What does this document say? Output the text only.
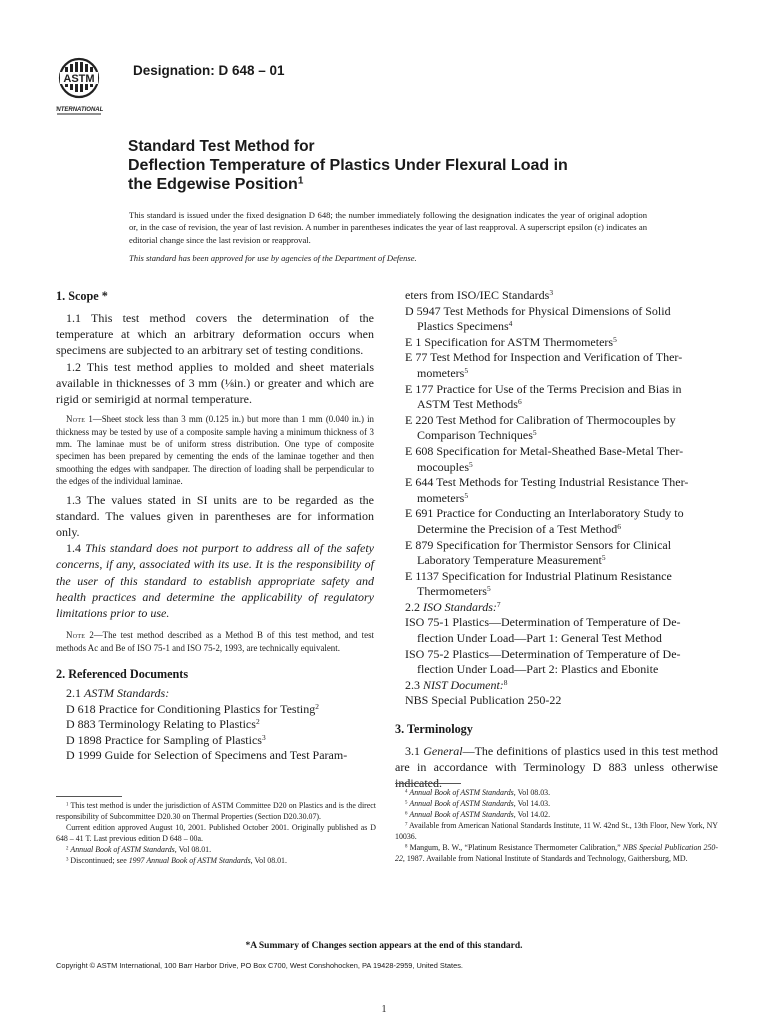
ASTM
INTERNATIONAL
Designation: D 648 – 01
Standard Test Method for
Deflection Temperature of Plastics Under Flexural Load in
the Edgewise Position$^1$
This standard is issued under the fixed designation D 648; the number immediately following the designation indicates the year of original adoption or, in the case of revision, the year of last revision. A number in parentheses indicates the year of last reapproval. A superscript epsilon (ε) indicates an editorial change since the last revision or reapproval.
This standard has been approved for use by agencies of the Department of Defense.

1. Scope *

1.1 This test method covers the determination of the temperature at which an arbitrary deformation occurs when specimens are subjected to an arbitrary set of testing conditions.

1.2 This test method applies to molded and sheet materials available in thicknesses of 3 mm (⅛in.) or greater and which are rigid or semirigid at normal temperature.

Note 1—Sheet stock less than 3 mm (0.125 in.) but more than 1 mm (0.040 in.) in thickness may be tested by use of a composite sample having a minimum thickness of 3 mm. The laminae must be of uniform stress distribution. One type of composite specimen has been prepared by cementing the ends of the laminae together and then smoothing the edges with sandpaper. The direction of loading shall be perpendicular to the edges of the individual laminae.

1.3 The values stated in SI units are to be regarded as the standard. The values given in parentheses are for information only.

1.4 This standard does not purport to address all of the safety concerns, if any, associated with its use. It is the responsibility of the user of this standard to establish appropriate safety and health practices and determine the applicability of regulatory limitations prior to use.

Note 2—The test method described as a Method B of this test method, and test methods Ac and Be of ISO 75-1 and ISO 75-2, 1993, are technically equivalent.

2. Referenced Documents

2.1 ASTM Standards:

D 618 Practice for Conditioning Plastics for Testing$^2$

D 883 Terminology Relating to Plastics$^2$

D 1898 Practice for Sampling of Plastics$^3$

D 1999 Guide for Selection of Specimens and Test Param-

eters from ISO/IEC Standards$^3$

D 5947 Test Methods for Physical Dimensions of Solid
Plastics Specimens$^4$

E 1 Specification for ASTM Thermometers$^5$

E 77 Test Method for Inspection and Verification of Ther-
mometers$^5$

E 177 Practice for Use of the Terms Precision and Bias in
ASTM Test Methods$^6$

E 220 Test Method for Calibration of Thermocouples by
Comparison Techniques$^5$

E 608 Specification for Metal-Sheathed Base-Metal Ther-
mocouples$^5$

E 644 Test Methods for Testing Industrial Resistance Ther-
mometers$^5$

E 691 Practice for Conducting an Interlaboratory Study to
Determine the Precision of a Test Method$^6$

E 879 Specification for Thermistor Sensors for Clinical
Laboratory Temperature Measurement$^5$

E 1137 Specification for Industrial Platinum Resistance
Thermometers$^5$

2.2 ISO Standards:$^7$

ISO 75-1 Plastics—Determination of Temperature of De-
flection Under Load—Part 1: General Test Method

ISO 75-2 Plastics—Determination of Temperature of De-
flection Under Load—Part 2: Plastics and Ebonite

2.3 NIST Document:$^8$

NBS Special Publication 250-22

3. Terminology

3.1 General—The definitions of plastics used in this test method are in accordance with Terminology D 883 unless otherwise indicated.

$^1$ This test method is under the jurisdiction of ASTM Committee D20 on Plastics and is the direct responsibility of Subcommittee D20.30 on Thermal Properties (Section D20.30.07).

Current edition approved August 10, 2001. Published October 2001. Originally published as D 648 – 41 T. Last previous edition D 648 – 00a.

$^2$ Annual Book of ASTM Standards, Vol 08.01.

$^3$ Discontinued; see 1997 Annual Book of ASTM Standards, Vol 08.01.

$^4$ Annual Book of ASTM Standards, Vol 08.03.

$^5$ Annual Book of ASTM Standards, Vol 14.03.

$^6$ Annual Book of ASTM Standards, Vol 14.02.

$^7$ Available from American National Standards Institute, 11 W. 42nd St., 13th Floor, New York, NY 10036.

$^8$ Mangum, B. W., “Platinum Resistance Thermometer Calibration,” NBS Special Publication 250-22, 1987. Available from National Institute of Standards and Technology, Gaithersburg, MD.

*A Summary of Changes section appears at the end of this standard.
Copyright © ASTM International, 100 Barr Harbor Drive, PO Box C700, West Conshohocken, PA 19428-2959, United States.
1
